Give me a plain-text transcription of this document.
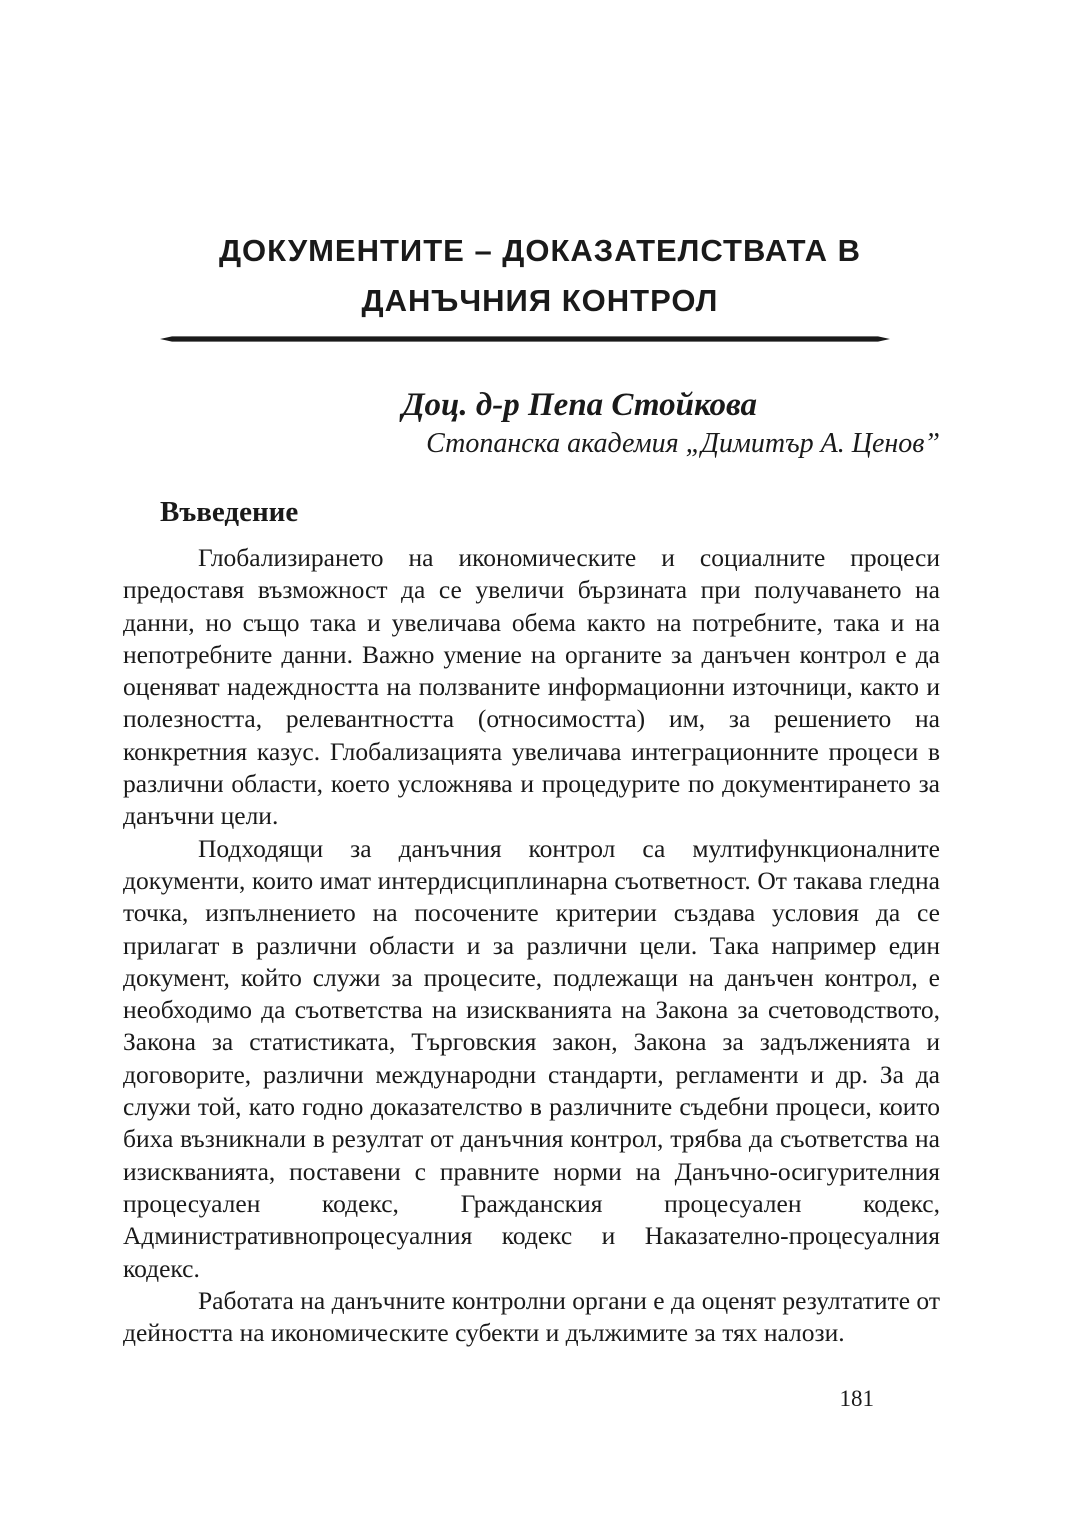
ДОКУМЕНТИТЕ – ДОКАЗАТЕЛСТВАТА В
ДАНЪЧНИЯ КОНТРОЛ

Доц. д-р Пепа Стойкова

Стопанска академия „Димитър А. Ценов”

Въведение

Глобализирането на икономическите и социалните процеси предоставя възможност да се увеличи бързината при получаването на данни, но също така и увеличава обема както на потребните, така и на непотребните данни. Важно умение на органите за данъчен контрол е да оценяват надеждността на ползваните информационни източници, както и полезността, релевантността (относимостта) им, за решението на конкретния казус. Глобализацията увеличава интеграционните процеси в различни области, което усложнява и процедурите по документирането за данъчни цели.

Подходящи за данъчния контрол са мултифункционалните документи, които имат интердисциплинарна съответност. От такава гледна точка, изпълнението на посочените критерии създава условия да се прилагат в различни области и за различни цели. Така например един документ, който служи за процесите, подлежащи на данъчен контрол, е необходимо да съответства на изискванията на Закона за счетоводството, Закона за статистиката, Търговския закон, Закона за задълженията и договорите, различни международни стандарти, регламенти и др. За да служи той, като годно доказателство в различните съдебни процеси, които биха възникнали в резултат от данъчния контрол, трябва да съответства на изискванията, поставени с правните норми на Данъчно-осигурителния процесуален кодекс, Гражданския процесуален кодекс, Административнопроцесуалния кодекс и Наказателно-процесуалния кодекс.

Работата на данъчните контролни органи е да оценят резултатите от дейността на икономическите субекти и дължимите за тях налози.

181
